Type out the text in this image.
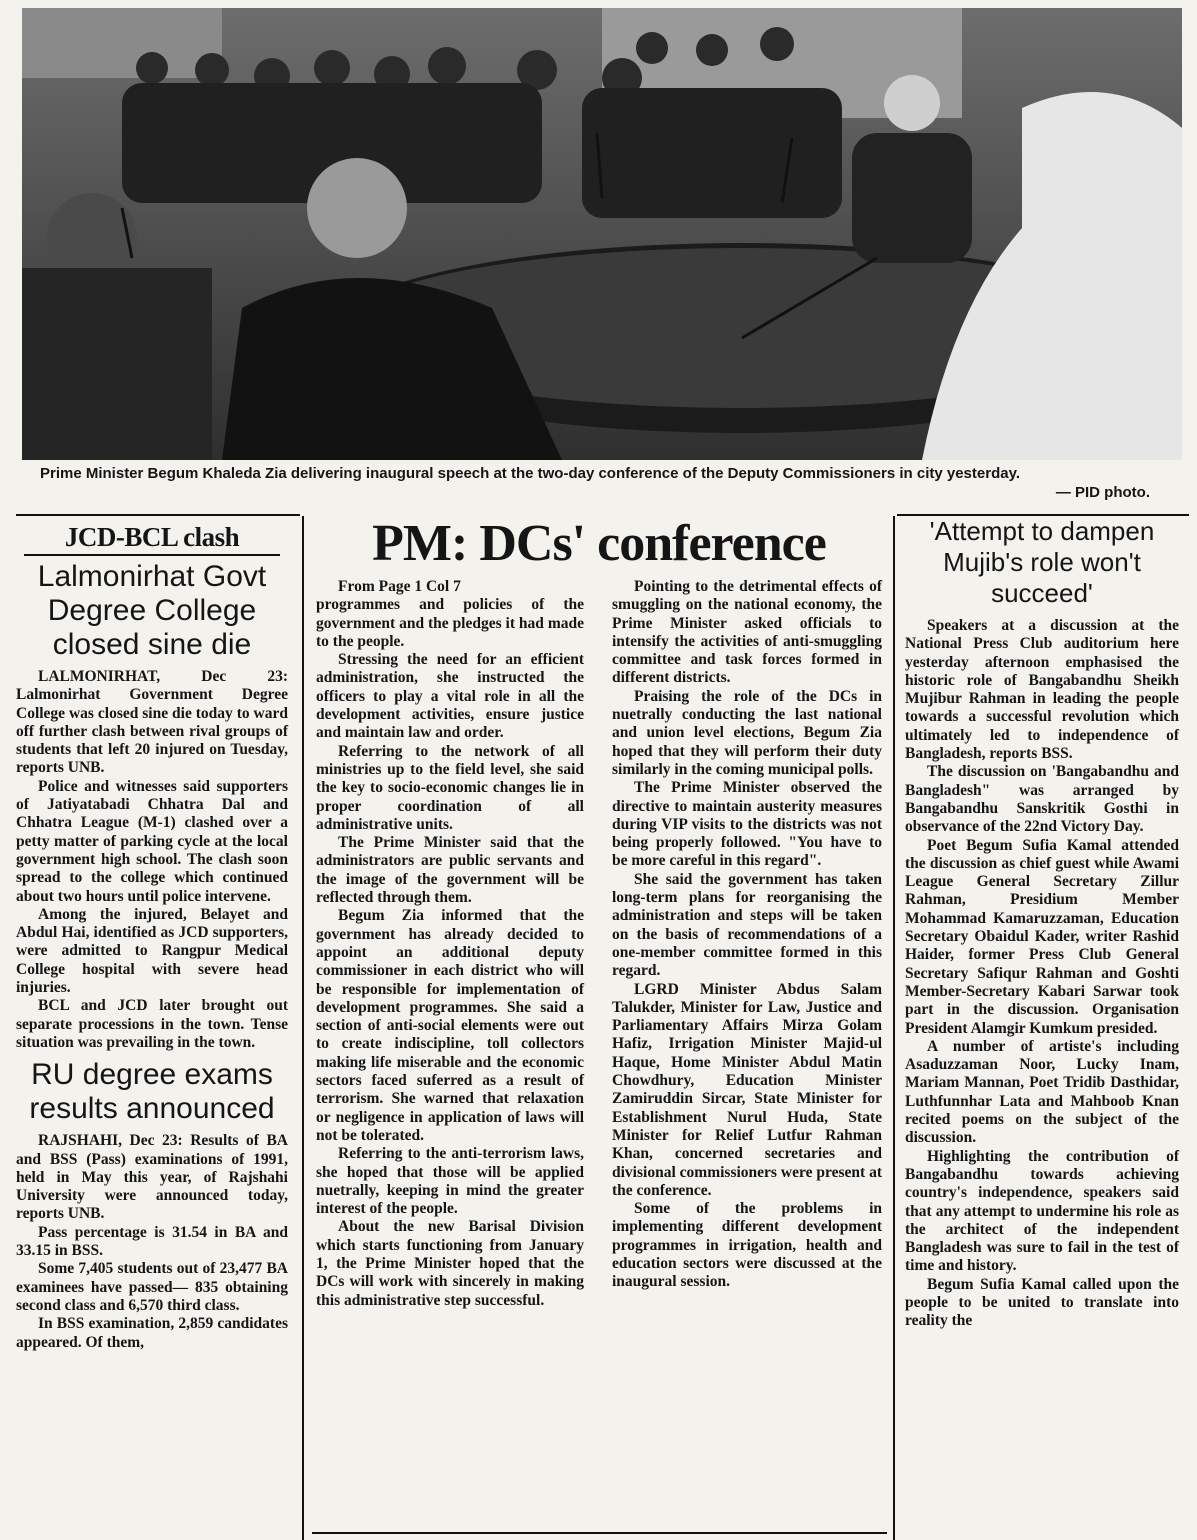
Prime Minister Begum Khaleda Zia delivering inaugural speech at the two-day conference of the Deputy Commissioners in city yesterday.
— PID photo.
JCD-BCL clash
Lalmonirhat Govt Degree College closed sine die

LALMONIRHAT, Dec 23: Lalmonirhat Government Degree College was closed sine die today to ward off further clash between rival groups of students that left 20 injured on Tuesday, reports UNB.

Police and witnesses said supporters of Jatiyatabadi Chhatra Dal and Chhatra League (M-1) clashed over a petty matter of parking cycle at the local government high school. The clash soon spread to the college which continued about two hours until police intervene.

Among the injured, Belayet and Abdul Hai, identified as JCD supporters, were admitted to Rangpur Medical College hospital with severe head injuries.

BCL and JCD later brought out separate processions in the town. Tense situation was prevailing in the town.

RU degree exams results announced

RAJSHAHI, Dec 23: Results of BA and BSS (Pass) examinations of 1991, held in May this year, of Rajshahi University were announced today, reports UNB.

Pass percentage is 31.54 in BA and 33.15 in BSS.

Some 7,405 students out of 23,477 BA examinees have passed— 835 obtaining second class and 6,570 third class.

In BSS examination, 2,859 candidates appeared. Of them,

PM: DCs' conference

From Page 1 Col 7

programmes and policies of the government and the pledges it had made to the people.

Stressing the need for an efficient administration, she instructed the officers to play a vital role in all the development activities, ensure justice and maintain law and order.

Referring to the network of all ministries up to the field level, she said the key to socio-economic changes lie in proper coordination of all administrative units.

The Prime Minister said that the administrators are public servants and the image of the government will be reflected through them.

Begum Zia informed that the government has already decided to appoint an additional deputy commissioner in each district who will be responsible for implementation of development programmes. She said a section of anti-social elements were out to create indiscipline, toll collectors making life miserable and the economic sectors faced suferred as a result of terrorism. She warned that relaxation or negligence in application of laws will not be tolerated.

Referring to the anti-terrorism laws, she hoped that those will be applied nuetrally, keeping in mind the greater interest of the people.

About the new Barisal Division which starts functioning from January 1, the Prime Minister hoped that the DCs will work with sincerely in making this administrative step successful.

Pointing to the detrimental effects of smuggling on the national economy, the Prime Minister asked officials to intensify the activities of anti-smuggling committee and task forces formed in different districts.

Praising the role of the DCs in nuetrally conducting the last national and union level elections, Begum Zia hoped that they will perform their duty similarly in the coming municipal polls.

The Prime Minister observed the directive to maintain austerity measures during VIP visits to the districts was not being properly followed. "You have to be more careful in this regard".

She said the government has taken long-term plans for reorganising the administration and steps will be taken on the basis of recommendations of a one-member committee formed in this regard.

LGRD Minister Abdus Salam Talukder, Minister for Law, Justice and Parliamentary Affairs Mirza Golam Hafiz, Irrigation Minister Majid-ul Haque, Home Minister Abdul Matin Chowdhury, Education Minister Zamiruddin Sircar, State Minister for Establishment Nurul Huda, State Minister for Relief Lutfur Rahman Khan, concerned secretaries and divisional commissioners were present at the conference.

Some of the problems in implementing different development programmes in irrigation, health and education sectors were discussed at the inaugural session.

'Attempt to dampen Mujib's role won't succeed'

Speakers at a discussion at the National Press Club auditorium here yesterday afternoon emphasised the historic role of Bangabandhu Sheikh Mujibur Rahman in leading the people towards a successful revolution which ultimately led to independence of Bangladesh, reports BSS.

The discussion on 'Bangabandhu and Bangladesh" was arranged by Bangabandhu Sanskritik Gosthi in observance of the 22nd Victory Day.

Poet Begum Sufia Kamal attended the discussion as chief guest while Awami League General Secretary Zillur Rahman, Presidium Member Mohammad Kamaruzzaman, Education Secretary Obaidul Kader, writer Rashid Haider, former Press Club General Secretary Safiqur Rahman and Goshti Member-Secretary Kabari Sarwar took part in the discussion. Organisation President Alamgir Kumkum presided.

A number of artiste's including Asaduzzaman Noor, Lucky Inam, Mariam Mannan, Poet Tridib Dasthidar, Luthfunnhar Lata and Mahboob Knan recited poems on the subject of the discussion.

Highlighting the contribution of Bangabandhu towards achieving country's independence, speakers said that any attempt to undermine his role as the architect of the independent Bangladesh was sure to fail in the test of time and history.

Begum Sufia Kamal called upon the people to be united to translate into reality the
